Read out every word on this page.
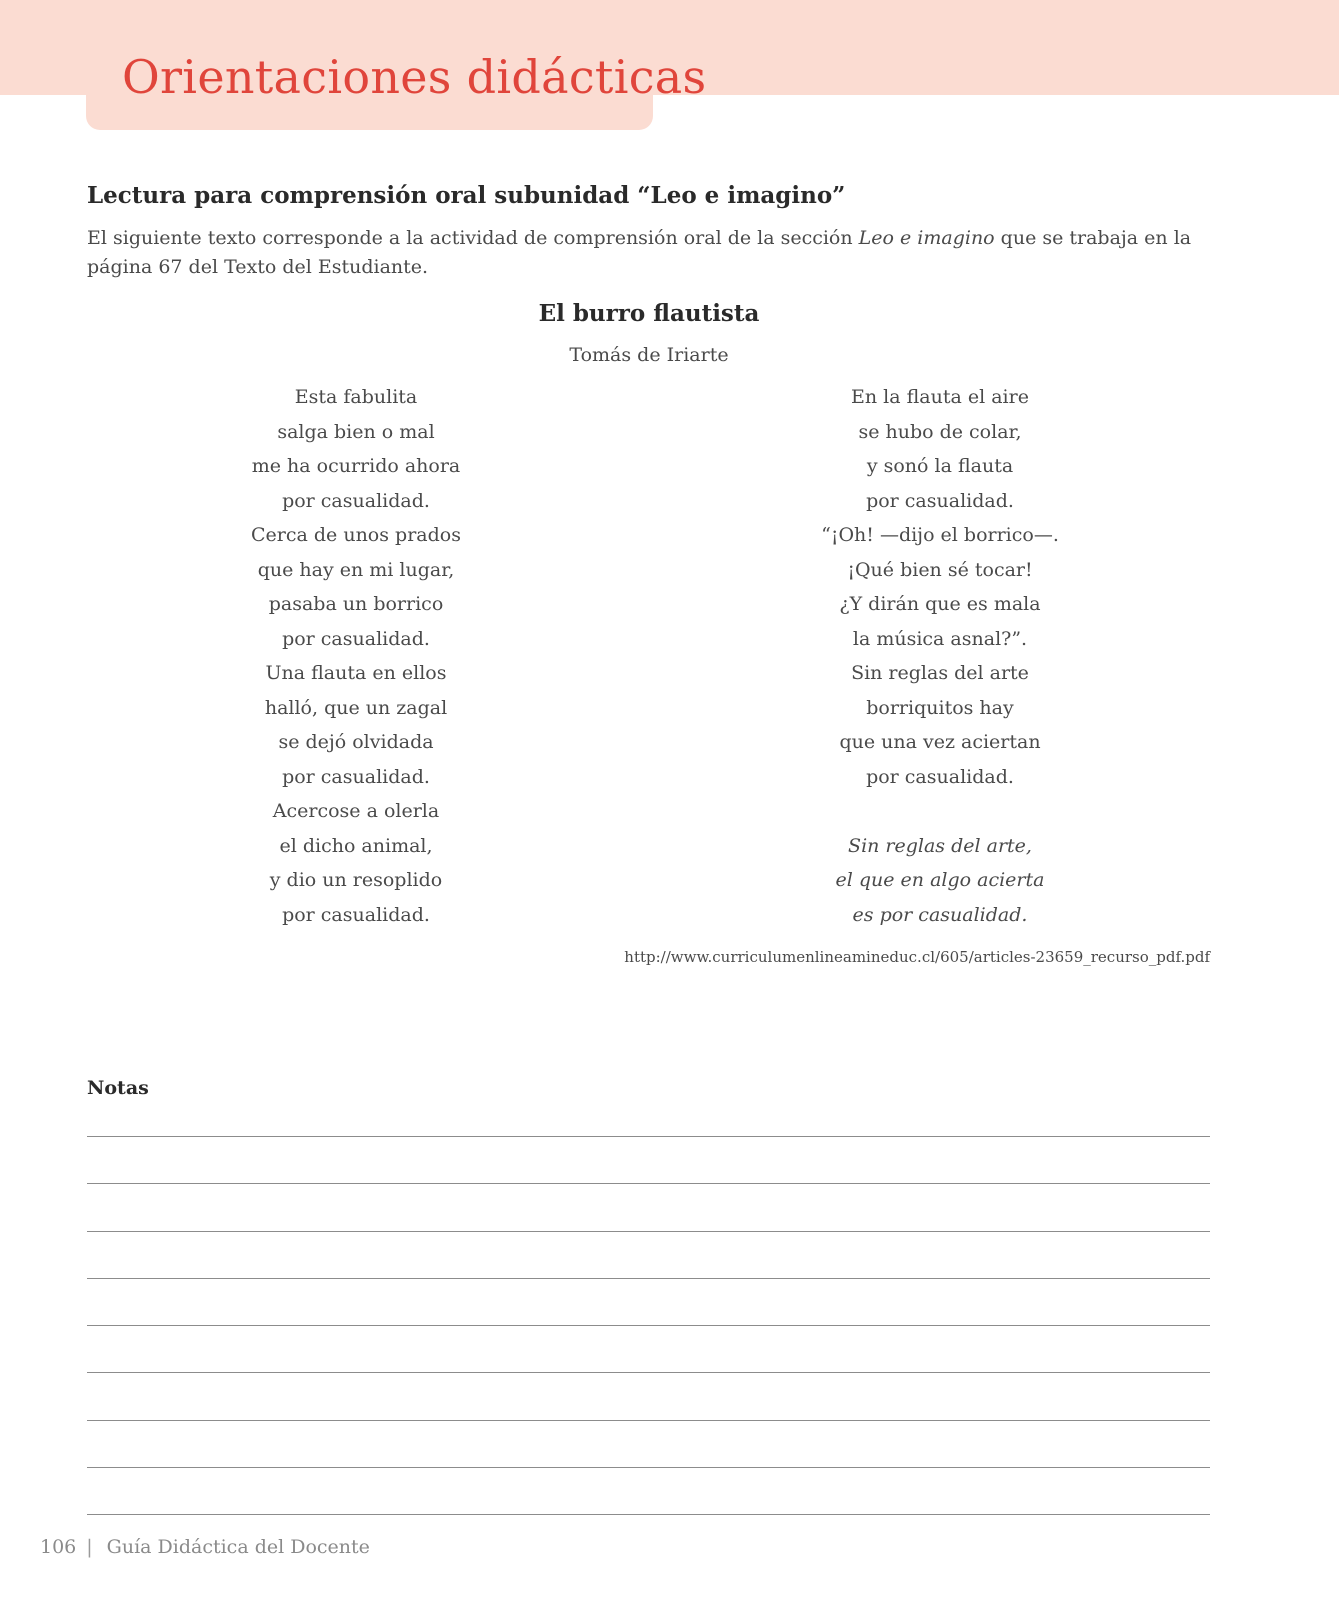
Orientaciones didácticas
Lectura para comprensión oral subunidad “Leo e imagino”

El siguiente texto corresponde a la actividad de comprensión oral de la sección Leo e imagino que se trabaja en la página 67 del Texto del Estudiante.

El burro flautista

Tomás de Iriarte

Esta fabulita
salga bien o mal
me ha ocurrido ahora
por casualidad.
Cerca de unos prados
que hay en mi lugar,
pasaba un borrico
por casualidad.
Una flauta en ellos
halló, que un zagal
se dejó olvidada
por casualidad.
Acercose a olerla
el dicho animal,
y dio un resoplido
por casualidad.
En la flauta el aire
se hubo de colar,
y sonó la flauta
por casualidad.
“¡Oh! —dijo el borrico—.
¡Qué bien sé tocar!
¿Y dirán que es mala
la música asnal?”.
Sin reglas del arte
borriquitos hay
que una vez aciertan
por casualidad.
Sin reglas del arte,
el que en algo acierta
es por casualidad.

http://www.curriculumenlineamineduc.cl/605/articles-23659_recurso_pdf.pdf

Notas

106 | Guía Didáctica del Docente
